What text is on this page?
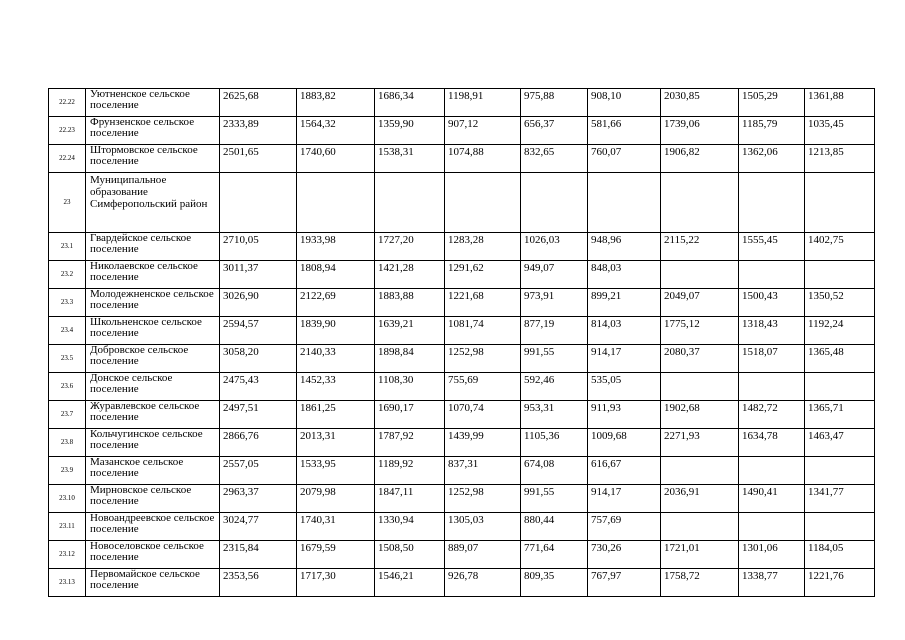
22.22	Уютненское сельское поселение	2625,68	1883,82	1686,34	1198,91	975,88	908,10	2030,85	1505,29	1361,88
22.23	Фрунзенское сельское поселение	2333,89	1564,32	1359,90	907,12	656,37	581,66	1739,06	1185,79	1035,45
22.24	Штормовское сельское поселение	2501,65	1740,60	1538,31	1074,88	832,65	760,07	1906,82	1362,06	1213,85
23	Муниципальное образование Симферопольский район									
23.1	Гвардейское сельское поселение	2710,05	1933,98	1727,20	1283,28	1026,03	948,96	2115,22	1555,45	1402,75
23.2	Николаевское сельское поселение	3011,37	1808,94	1421,28	1291,62	949,07	848,03			
23.3	Молодежненское сельское поселение	3026,90	2122,69	1883,88	1221,68	973,91	899,21	2049,07	1500,43	1350,52
23.4	Школьненское сельское поселение	2594,57	1839,90	1639,21	1081,74	877,19	814,03	1775,12	1318,43	1192,24
23.5	Добровское сельское поселение	3058,20	2140,33	1898,84	1252,98	991,55	914,17	2080,37	1518,07	1365,48
23.6	Донское сельское поселение	2475,43	1452,33	1108,30	755,69	592,46	535,05			
23.7	Журавлевское сельское поселение	2497,51	1861,25	1690,17	1070,74	953,31	911,93	1902,68	1482,72	1365,71
23.8	Кольчугинское сельское поселение	2866,76	2013,31	1787,92	1439,99	1105,36	1009,68	2271,93	1634,78	1463,47
23.9	Мазанское сельское поселение	2557,05	1533,95	1189,92	837,31	674,08	616,67			
23.10	Мирновское сельское поселение	2963,37	2079,98	1847,11	1252,98	991,55	914,17	2036,91	1490,41	1341,77
23.11	Новоандреевское сельское поселение	3024,77	1740,31	1330,94	1305,03	880,44	757,69			
23.12	Новоселовское сельское поселение	2315,84	1679,59	1508,50	889,07	771,64	730,26	1721,01	1301,06	1184,05
23.13	Первомайское сельское поселение	2353,56	1717,30	1546,21	926,78	809,35	767,97	1758,72	1338,77	1221,76
